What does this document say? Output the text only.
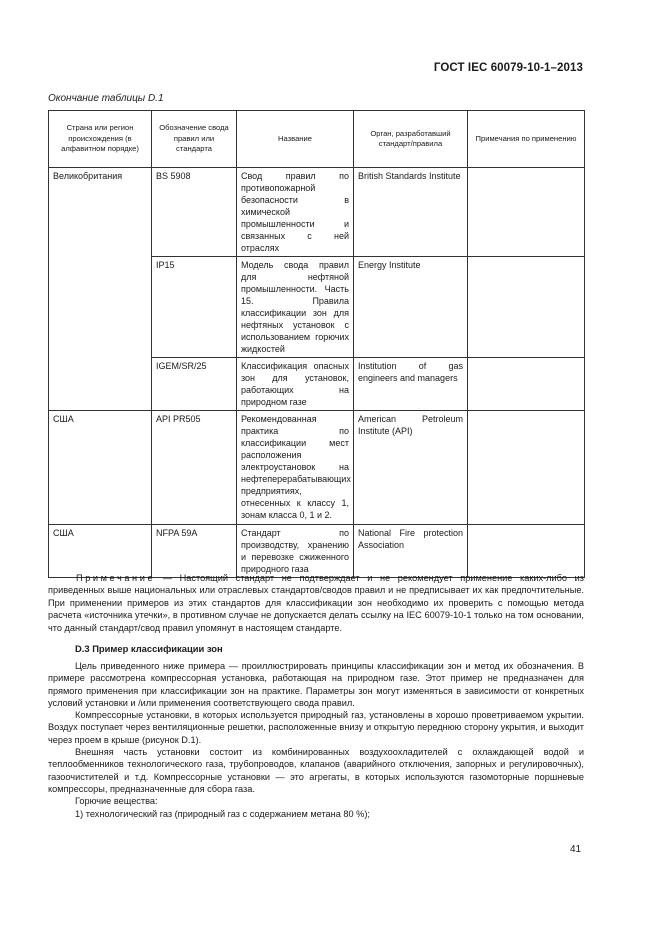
ГОСТ IEC 60079-10-1–2013
Окончание таблицы D.1
Страна или регион происхождения (в алфавитном порядке)	Обозначение свода правил или стандарта	Название	Орган, разработавший стандарт/правила	Примечания по применению
Великобритания	BS 5908	Свод правил по противопожарной безопасности в химической промышленности и связанных с ней отраслях	British Standards Institute	
	IP15	Модель свода правил для нефтяной промышленности. Часть 15. Правила классификации зон для нефтяных установок с использованием горючих жидкостей	Energy Institute	
	IGEM/SR/25	Классификация опасных зон для установок, работающих на природном газе	Institution of gas engineers and managers	
США	API PR505	Рекомендованная практика по классификации мест расположения электроустановок на нефтеперерабатывающих предприятиях, отнесенных к классу 1, зонам класса 0, 1 и 2.	American Petroleum Institute (API)	
США	NFPA 59A	Стандарт по производству, хранению и перевозке сжиженного природного газа	National Fire protection Association	
Примечание — Настоящий стандарт не подтверждает и не рекомендует применение каких-либо из приведенных выше национальных или отраслевых стандартов/сводов правил и не предписывает их как предпочтительные. При применении примеров из этих стандартов для классификации зон необходимо их проверить с помощью метода расчета «источника утечки», в противном случае не допускается делать ссылку на IEC 60079-10-1 только на том основании, что данный стандарт/свод правил упомянут в настоящем стандарте.
D.3 Пример классификации зон

Цель приведенного ниже примера — проиллюстрировать принципы классификации зон и метод их обозначения. В примере рассмотрена компрессорная установка, работающая на природном газе. Этот пример не предназначен для прямого применения при классификации зон на практике. Параметры зон могут изменяться в зависимости от конкретных условий установки и /или применения соответствующего свода правил.

Компрессорные установки, в которых используется природный газ, установлены в хорошо проветриваемом укрытии. Воздух поступает через вентиляционные решетки, расположенные внизу и открытую переднюю сторону укрытия, и выходит через проем в крыше (рисунок D.1).

Внешняя часть установки состоит из комбинированных воздухоохладителей с охлаждающей водой и теплообменников технологического газа, трубопроводов, клапанов (аварийного отключения, запорных и регулировочных), газоочистителей и т.д. Компрессорные установки — это агрегаты, в которых используются газомоторные поршневые компрессоры, предназначенные для сбора газа.

Горючие вещества:

1) технологический газ (природный газ с содержанием метана 80 %);

41
